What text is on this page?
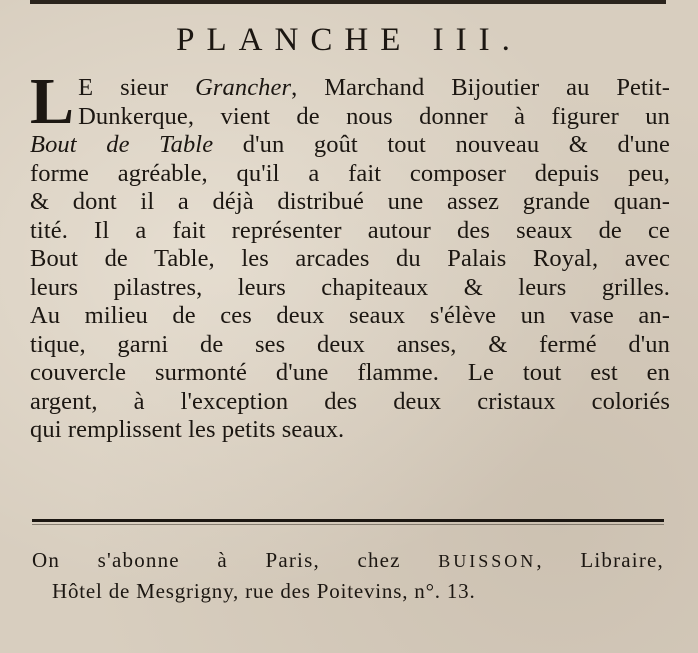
PLANCHE III.
L E sieur Grancher, Marchand Bijoutier au Petit-
Dunkerque, vient de nous donner à figurer un
Bout de Table d'un goût tout nouveau & d'une
forme agréable, qu'il a fait composer depuis peu,
& dont il a déjà distribué une assez grande quan-
tité. Il a fait représenter autour des seaux de ce
Bout de Table, les arcades du Palais Royal, avec
leurs pilastres, leurs chapiteaux & leurs grilles.
Au milieu de ces deux seaux s'élève un vase an-
tique, garni de ses deux anses, & fermé d'un
couvercle surmonté d'une flamme. Le tout est en
argent, à l'exception des deux cristaux coloriés
qui remplissent les petits seaux.
On s'abonne à Paris, chez BUISSON, Libraire,
Hôtel de Mesgrigny, rue des Poitevins, n°. 13.
